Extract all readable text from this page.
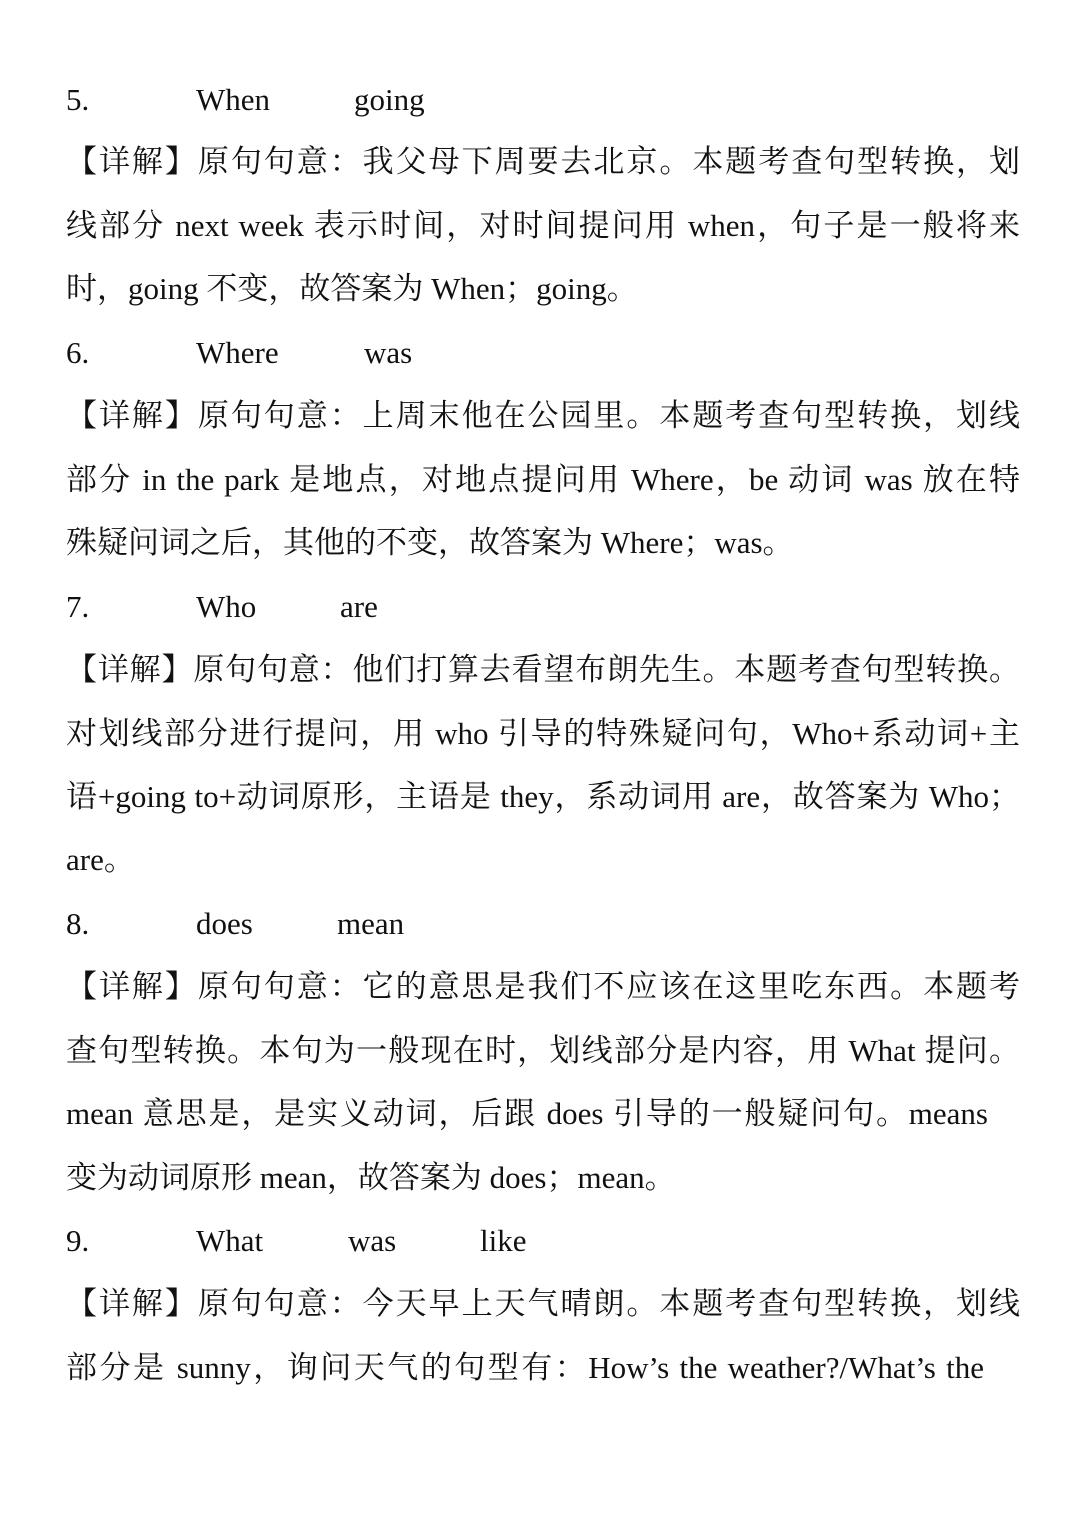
5.	When	going
【详解】原句句意：我父母下周要去北京。本题考查句型转换，划
线部分 next week 表示时间，对时间提问用 when，句子是一般将来
时，going 不变，故答案为 When；going。
6.	Where	was
【详解】原句句意：上周末他在公园里。本题考查句型转换，划线
部分 in the park 是地点，对地点提问用 Where，be 动词 was 放在特
殊疑问词之后，其他的不变，故答案为 Where；was。
7.	Who	are
【详解】原句句意：他们打算去看望布朗先生。本题考查句型转换。
对划线部分进行提问，用 who 引导的特殊疑问句，Who+系动词+主
语+going to+动词原形，主语是 they，系动词用 are，故答案为 Who；
are。
8.	does	mean
【详解】原句句意：它的意思是我们不应该在这里吃东西。本题考
查句型转换。本句为一般现在时，划线部分是内容，用 What 提问。
mean 意思是，是实义动词，后跟 does 引导的一般疑问句。means
变为动词原形 mean，故答案为 does；mean。
9.	What	was	like
【详解】原句句意：今天早上天气晴朗。本题考查句型转换，划线
部分是 sunny，询问天气的句型有：How’s the weather?/What’s the
